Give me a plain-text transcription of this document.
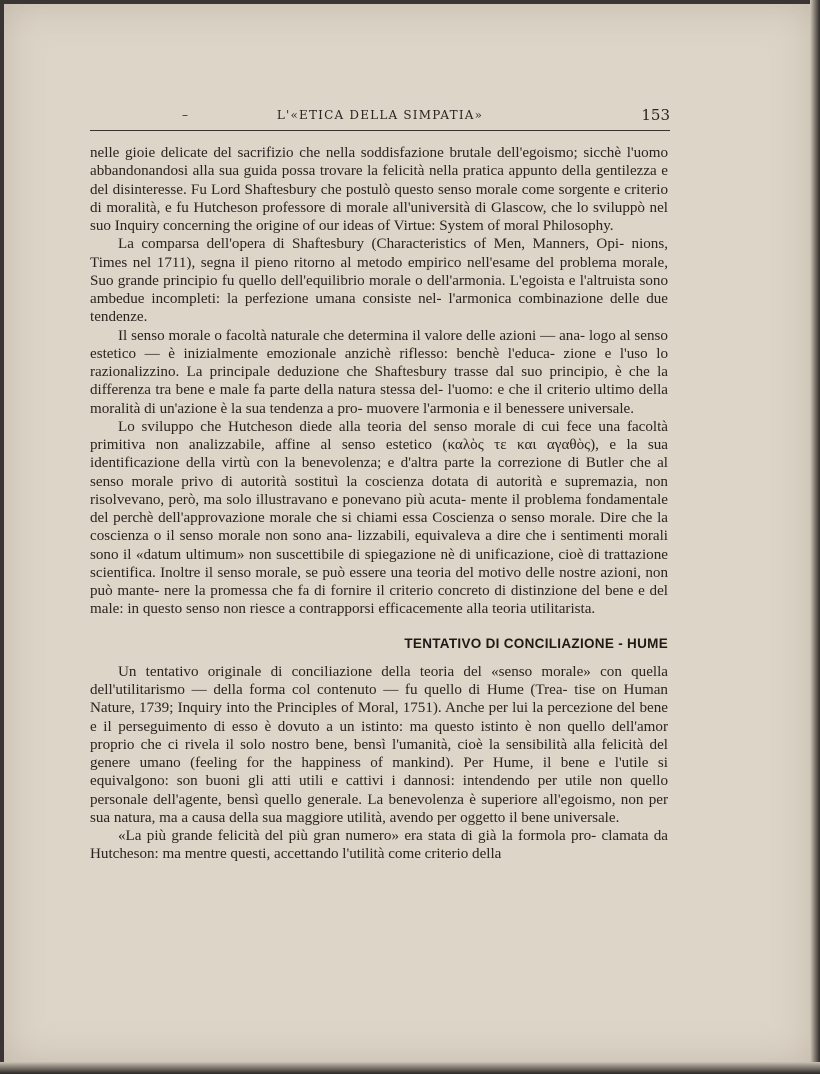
–	L'«ETICA DELLA SIMPATIA»	153

nelle gioie delicate del sacrifizio che nella soddisfazione brutale dell'egoismo; sicchè l'uomo abbandonandosi alla sua guida possa trovare la felicità nella pratica appunto della gentilezza e del disinteresse. Fu Lord Shaftesbury che postulò questo senso morale come sorgente e criterio di moralità, e fu Hutcheson professore di morale all'università di Glascow, che lo sviluppò nel suo Inquiry concerning the origine of our ideas of Virtue: System of moral Philosophy.

La comparsa dell'opera di Shaftesbury (Characteristics of Men, Manners, Opi- nions, Times nel 1711), segna il pieno ritorno al metodo empirico nell'esame del problema morale, Suo grande principio fu quello dell'equilibrio morale o dell'armonia. L'egoista e l'altruista sono ambedue incompleti: la perfezione umana consiste nel- l'armonica combinazione delle due tendenze.

Il senso morale o facoltà naturale che determina il valore delle azioni — ana- logo al senso estetico — è inizialmente emozionale anzichè riflesso: benchè l'educa- zione e l'uso lo razionalizzino. La principale deduzione che Shaftesbury trasse dal suo principio, è che la differenza tra bene e male fa parte della natura stessa del- l'uomo: e che il criterio ultimo della moralità di un'azione è la sua tendenza a pro- muovere l'armonia e il benessere universale.

Lo sviluppo che Hutcheson diede alla teoria del senso morale di cui fece una facoltà primitiva non analizzabile, affine al senso estetico (καλὸς τε και αγαθὸς), e la sua identificazione della virtù con la benevolenza; e d'altra parte la correzione di Butler che al senso morale privo di autorità sostituì la coscienza dotata di autorità e supremazia, non risolvevano, però, ma solo illustravano e ponevano più acuta- mente il problema fondamentale del perchè dell'approvazione morale che si chiami essa Coscienza o senso morale. Dire che la coscienza o il senso morale non sono ana- lizzabili, equivaleva a dire che i sentimenti morali sono il «datum ultimum» non suscettibile di spiegazione nè di unificazione, cioè di trattazione scientifica. Inoltre il senso morale, se può essere una teoria del motivo delle nostre azioni, non può mante- nere la promessa che fa di fornire il criterio concreto di distinzione del bene e del male: in questo senso non riesce a contrapporsi efficacemente alla teoria utilitarista.

TENTATIVO DI CONCILIAZIONE - HUME

Un tentativo originale di conciliazione della teoria del «senso morale» con quella dell'utilitarismo — della forma col contenuto — fu quello di Hume (Trea- tise on Human Nature, 1739; Inquiry into the Principles of Moral, 1751). Anche per lui la percezione del bene e il perseguimento di esso è dovuto a un istinto: ma questo istinto è non quello dell'amor proprio che ci rivela il solo nostro bene, bensì l'umanità, cioè la sensibilità alla felicità del genere umano (feeling for the happiness of mankind). Per Hume, il bene e l'utile si equivalgono: son buoni gli atti utili e cattivi i dannosi: intendendo per utile non quello personale dell'agente, bensì quello generale. La benevolenza è superiore all'egoismo, non per sua natura, ma a causa della sua maggiore utilità, avendo per oggetto il bene universale.

«La più grande felicità del più gran numero» era stata di già la formola pro- clamata da Hutcheson: ma mentre questi, accettando l'utilità come criterio della
